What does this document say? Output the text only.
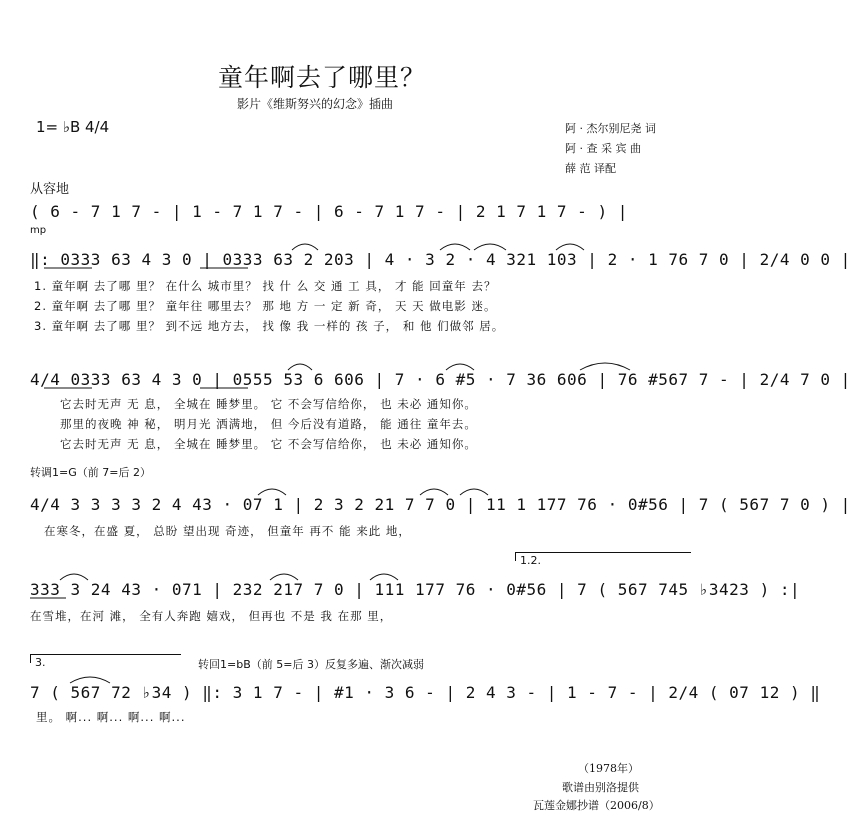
童年啊去了哪里？
影片《维斯努兴的幻念》插曲
1= ♭B 4/4	阿 · 杰尔别尼尧 词
阿 · 查 采 宾 曲
薛 范 译配
从容地
mp
( 6 - 7 1 7 - | 1 - 7 1 7 - | 6 - 7 1 7 - | 2 1 7 1 7 - ) |
‖: 0333 63 4 3 0 | 0333 63 2 203 | 4 · 3 2 · 4 321 103 | 2 · 1 76 7 0 | 2/4 0 0 |
1. 童年啊 去了哪 里？ 在什么 城市里？ 找 什 么 交 通 工 具， 才 能 回童年 去？
2. 童年啊 去了哪 里？ 童年往 哪里去？ 那 地 方 一 定 新 奇， 天 天 做电影 迷。
3. 童年啊 去了哪 里？ 到不远 地方去， 找 像 我 一样的 孩 子， 和 他 们做邻 居。
4/4 0333 63 4 3 0 | 0555 53 6 606 | 7 · 6 #5 · 7 36 606 | 76 #567 7 - | 2/4 7 0 |
它去时无声 无 息， 全城在 睡梦里。 它 不会写信给你， 也 未必 通知你。
那里的夜晚 神 秘， 明月光 洒满地， 但 今后没有道路， 能 通往 童年去。
它去时无声 无 息， 全城在 睡梦里。 它 不会写信给你， 也 未必 通知你。
转调1=G（前 7=后 2）
4/4 3 3 3 3 2 4 43 · 07 1 | 2 3 2 21 7 7 0 | 11 1 177 76 · 0#56 | 7 ( 567 7 0 ) |
在寒冬，在盛 夏， 总盼 望出现 奇迹， 但童年 再不 能 来此 地，
1.2.
333 3 24 43 · 071 | 232 217 7 0 | 111 177 76 · 0#56 | 7 ( 567 745 ♭3423 ) :|
在雪堆，在河 滩， 全有人奔跑 嬉戏， 但再也 不是 我 在那 里，
3.	转回1=bB（前 5=后 3）反复多遍、渐次减弱
7 ( 567 72 ♭34 ) ‖: 3 1 7 - | #1 · 3 6 - | 2 4 3 - | 1 - 7 - | 2/4 ( 07 12 ) ‖
里。 啊... 啊... 啊... 啊...
（1978年）
歌谱由别洛提供
瓦莲金娜抄谱（2006/8）
